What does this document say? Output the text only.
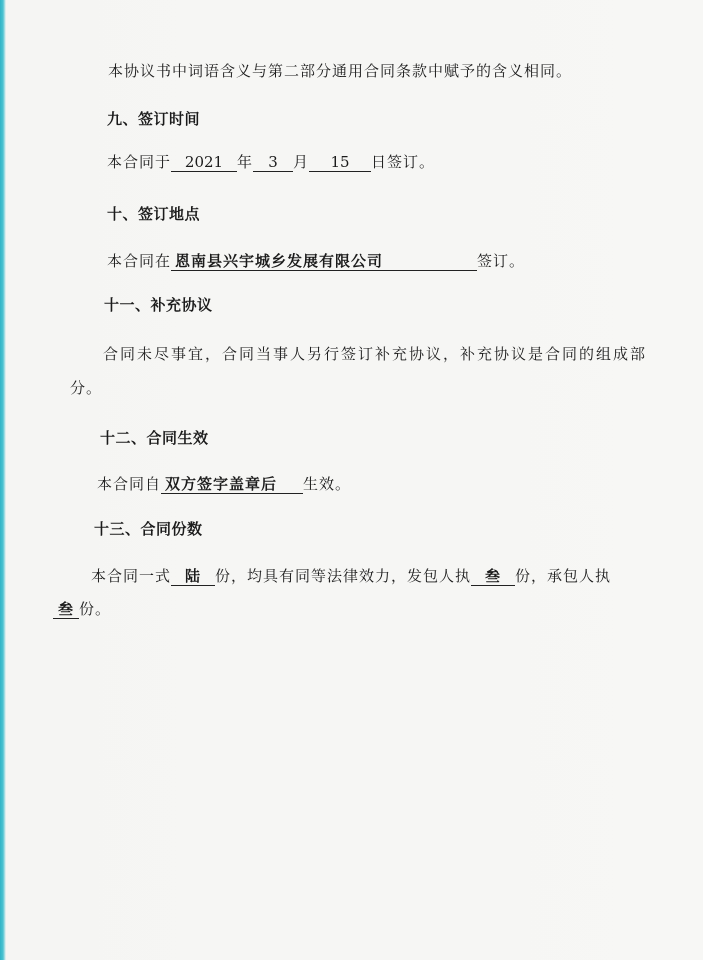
本协议书中词语含义与第二部分通用合同条款中赋予的含义相同。
九、签订时间
本合同于 2021 年 3 月 15 日签订。
十、签订地点
本合同在 恩南县兴宇城乡发展有限公司	签订。
十一、补充协议
合同未尽事宜，合同当事人另行签订补充协议，补充协议是合同的组成部
分。
十二、合同生效
本合同自 双方签字盖章后 生效。
十三、合同份数
本合同一式 陆 份，均具有同等法律效力，发包人执 叁 份，承包人执
叁 份。
